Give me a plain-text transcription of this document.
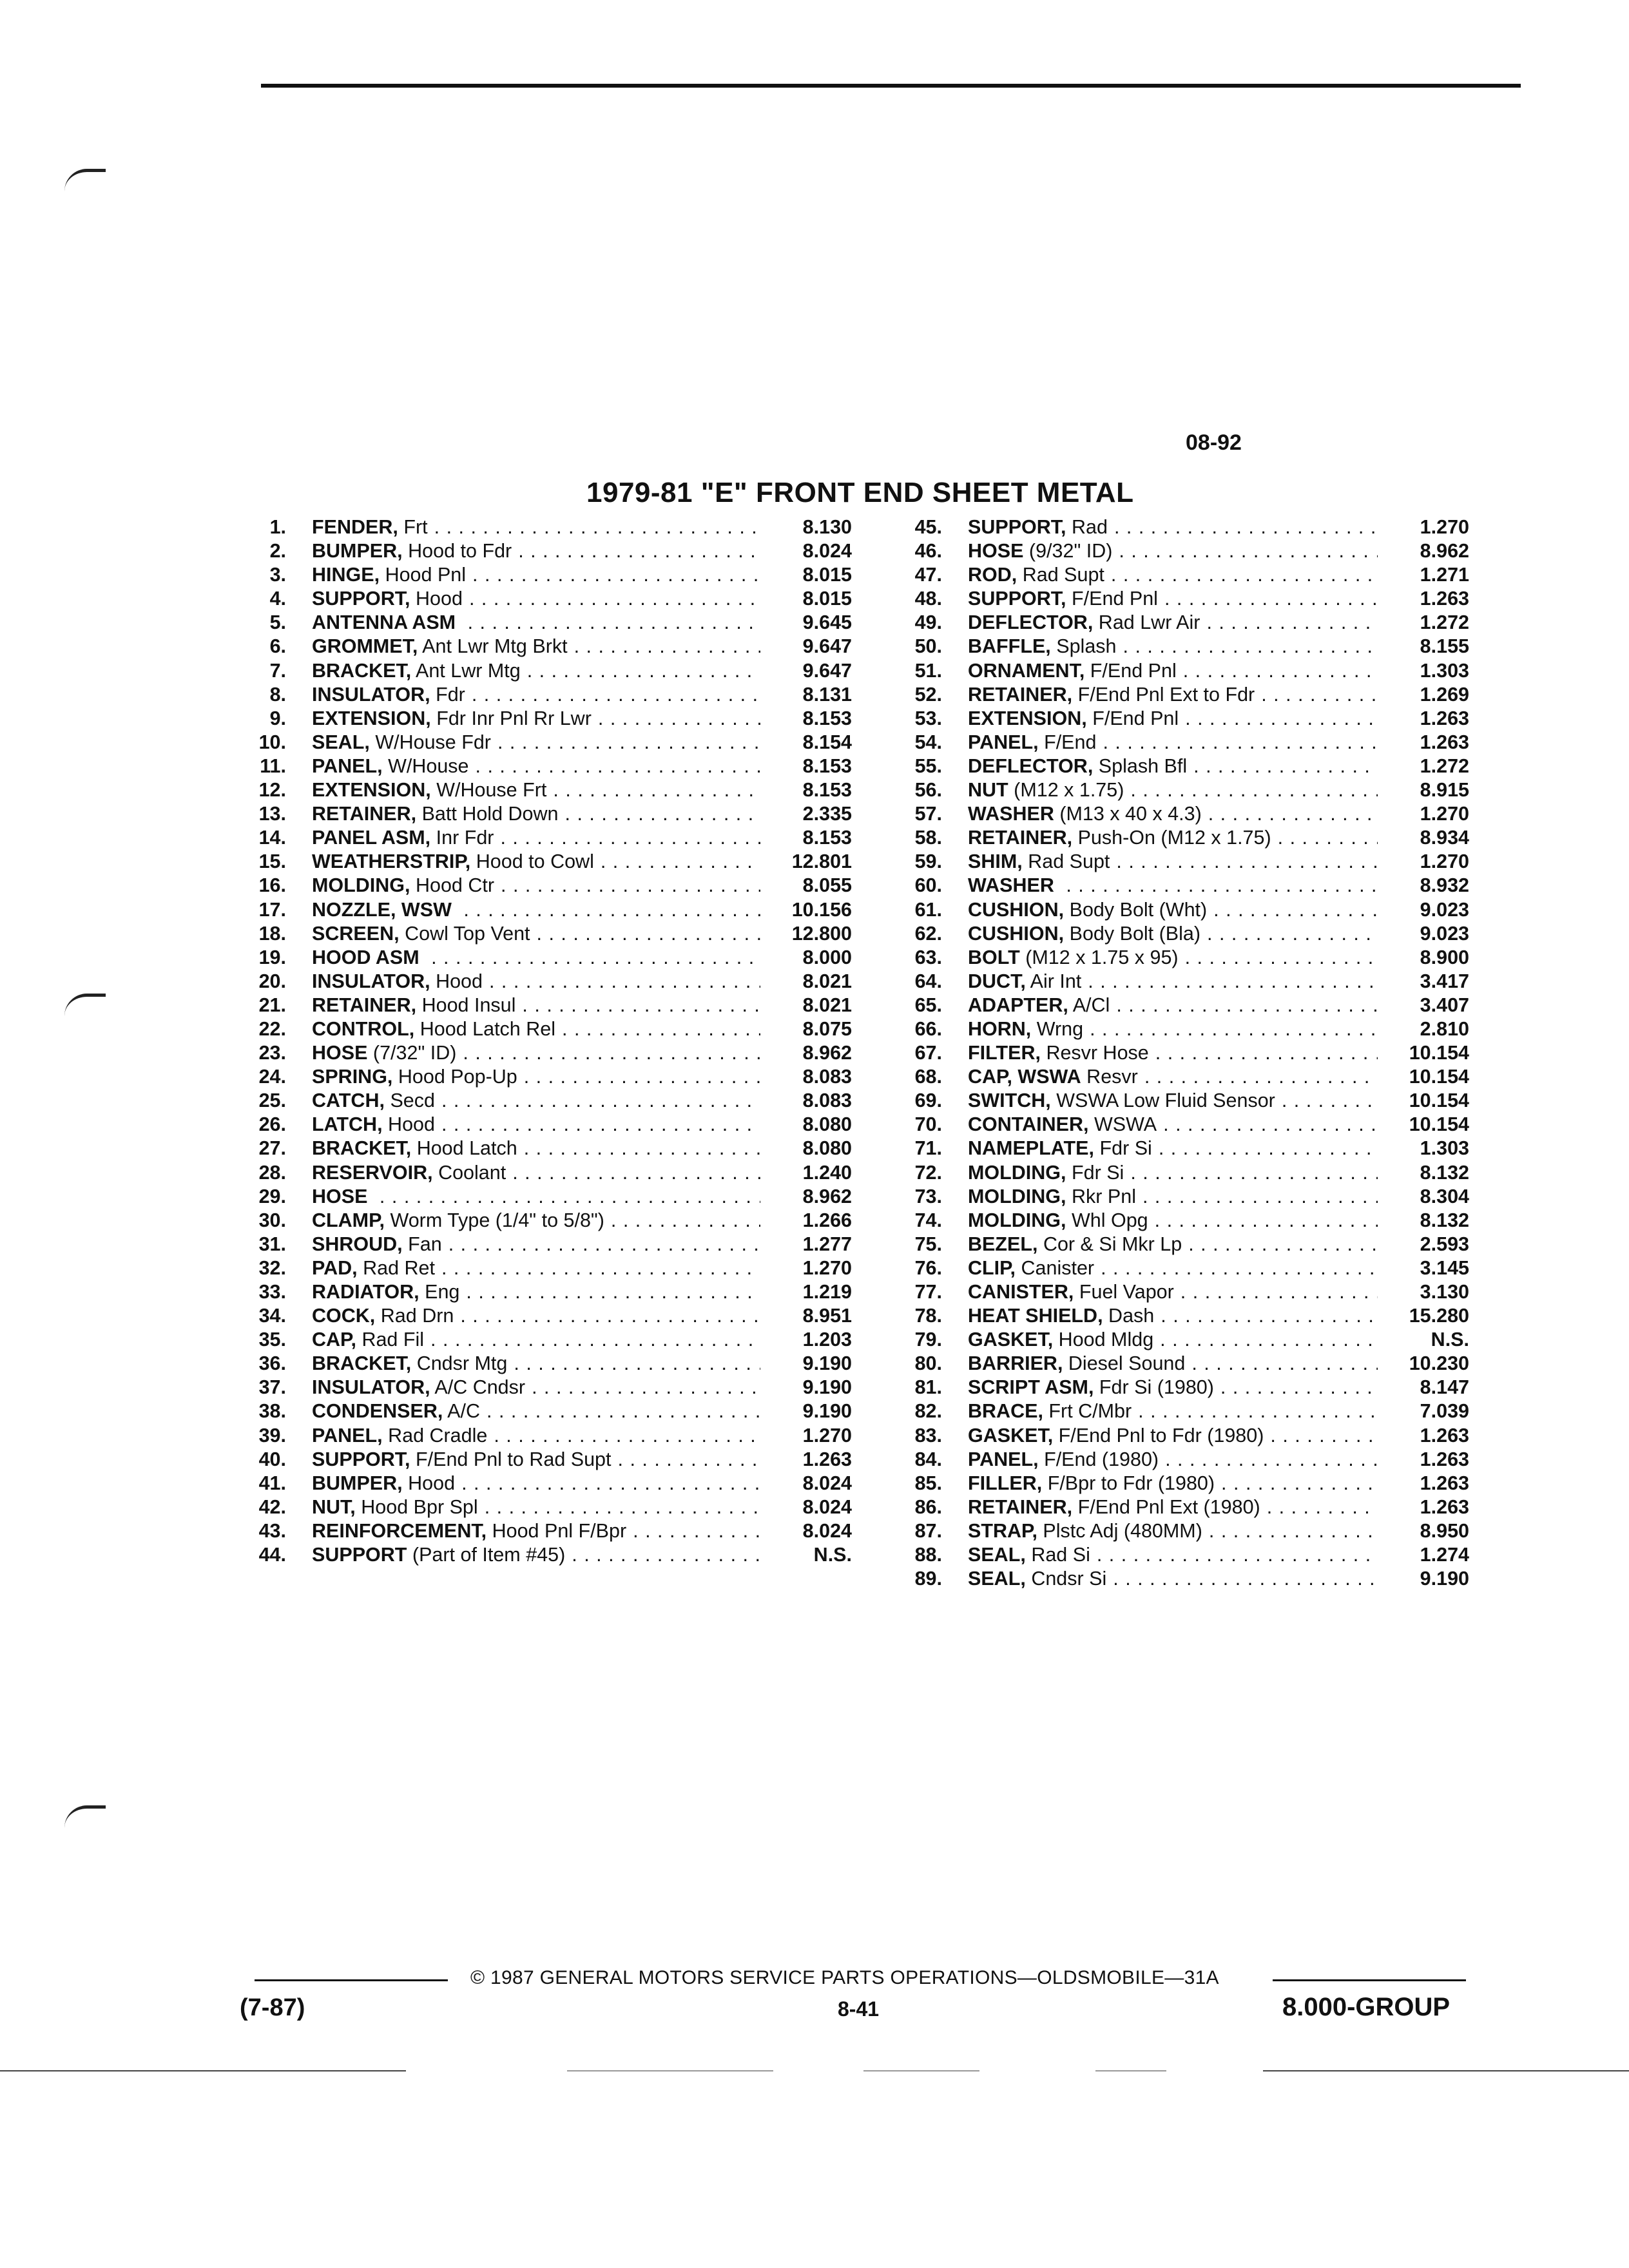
08-92
1979-81 "E" FRONT END SHEET METAL
1.	FENDER, Frt . . .	8.130
2.	BUMPER, Hood to Fdr . . .	8.024
3.	HINGE, Hood Pnl . . .	8.015
4.	SUPPORT, Hood . . .	8.015
5.	ANTENNA ASM . . .	9.645
6.	GROMMET, Ant Lwr Mtg Brkt . . .	9.647
7.	BRACKET, Ant Lwr Mtg . . .	9.647
8.	INSULATOR, Fdr . . .	8.131
9.	EXTENSION, Fdr Inr Pnl Rr Lwr . . .	8.153
10.	SEAL, W/House Fdr . . .	8.154
11.	PANEL, W/House . . .	8.153
12.	EXTENSION, W/House Frt . . .	8.153
13.	RETAINER, Batt Hold Down . . .	2.335
14.	PANEL ASM, Inr Fdr . . .	8.153
15.	WEATHERSTRIP, Hood to Cowl . . .	12.801
16.	MOLDING, Hood Ctr . . .	8.055
17.	NOZZLE, WSW . . .	10.156
18.	SCREEN, Cowl Top Vent . . .	12.800
19.	HOOD ASM . . .	8.000
20.	INSULATOR, Hood . . .	8.021
21.	RETAINER, Hood Insul . . .	8.021
22.	CONTROL, Hood Latch Rel . . .	8.075
23.	HOSE (7/32" ID) . . .	8.962
24.	SPRING, Hood Pop-Up . . .	8.083
25.	CATCH, Secd . . .	8.083
26.	LATCH, Hood . . .	8.080
27.	BRACKET, Hood Latch . . .	8.080
28.	RESERVOIR, Coolant . . .	1.240
29.	HOSE . . .	8.962
30.	CLAMP, Worm Type (1/4" to 5/8") . . .	1.266
31.	SHROUD, Fan . . .	1.277
32.	PAD, Rad Ret . . .	1.270
33.	RADIATOR, Eng . . .	1.219
34.	COCK, Rad Drn . . .	8.951
35.	CAP, Rad Fil . . .	1.203
36.	BRACKET, Cndsr Mtg . . .	9.190
37.	INSULATOR, A/C Cndsr . . .	9.190
38.	CONDENSER, A/C . . .	9.190
39.	PANEL, Rad Cradle . . .	1.270
40.	SUPPORT, F/End Pnl to Rad Supt . . .	1.263
41.	BUMPER, Hood . . .	8.024
42.	NUT, Hood Bpr Spl . . .	8.024
43.	REINFORCEMENT, Hood Pnl F/Bpr . . .	8.024
44.	SUPPORT (Part of Item #45) . . .	N.S.
45.	SUPPORT, Rad . . .	1.270
46.	HOSE (9/32" ID) . . .	8.962
47.	ROD, Rad Supt . . .	1.271
48.	SUPPORT, F/End Pnl . . .	1.263
49.	DEFLECTOR, Rad Lwr Air . . .	1.272
50.	BAFFLE, Splash . . .	8.155
51.	ORNAMENT, F/End Pnl . . .	1.303
52.	RETAINER, F/End Pnl Ext to Fdr . . .	1.269
53.	EXTENSION, F/End Pnl . . .	1.263
54.	PANEL, F/End . . .	1.263
55.	DEFLECTOR, Splash Bfl . . .	1.272
56.	NUT (M12 x 1.75) . . .	8.915
57.	WASHER (M13 x 40 x 4.3) . . .	1.270
58.	RETAINER, Push-On (M12 x 1.75) . . .	8.934
59.	SHIM, Rad Supt . . .	1.270
60.	WASHER . . .	8.932
61.	CUSHION, Body Bolt (Wht) . . .	9.023
62.	CUSHION, Body Bolt (Bla) . . .	9.023
63.	BOLT (M12 x 1.75 x 95) . . .	8.900
64.	DUCT, Air Int . . .	3.417
65.	ADAPTER, A/Cl . . .	3.407
66.	HORN, Wrng . . .	2.810
67.	FILTER, Resvr Hose . . .	10.154
68.	CAP, WSWA Resvr . . .	10.154
69.	SWITCH, WSWA Low Fluid Sensor . . .	10.154
70.	CONTAINER, WSWA . . .	10.154
71.	NAMEPLATE, Fdr Si . . .	1.303
72.	MOLDING, Fdr Si . . .	8.132
73.	MOLDING, Rkr Pnl . . .	8.304
74.	MOLDING, Whl Opg . . .	8.132
75.	BEZEL, Cor & Si Mkr Lp . . .	2.593
76.	CLIP, Canister . . .	3.145
77.	CANISTER, Fuel Vapor . . .	3.130
78.	HEAT SHIELD, Dash . . .	15.280
79.	GASKET, Hood Mldg . . .	N.S.
80.	BARRIER, Diesel Sound . . .	10.230
81.	SCRIPT ASM, Fdr Si (1980) . . .	8.147
82.	BRACE, Frt C/Mbr . . .	7.039
83.	GASKET, F/End Pnl to Fdr (1980) . . .	1.263
84.	PANEL, F/End (1980) . . .	1.263
85.	FILLER, F/Bpr to Fdr (1980) . . .	1.263
86.	RETAINER, F/End Pnl Ext (1980) . . .	1.263
87.	STRAP, Plstc Adj (480MM) . . .	8.950
88.	SEAL, Rad Si . . .	1.274
89.	SEAL, Cndsr Si . . .	9.190
© 1987 GENERAL MOTORS SERVICE PARTS OPERATIONS—OLDSMOBILE—31A
(7-87)	8-41	8.000-GROUP
